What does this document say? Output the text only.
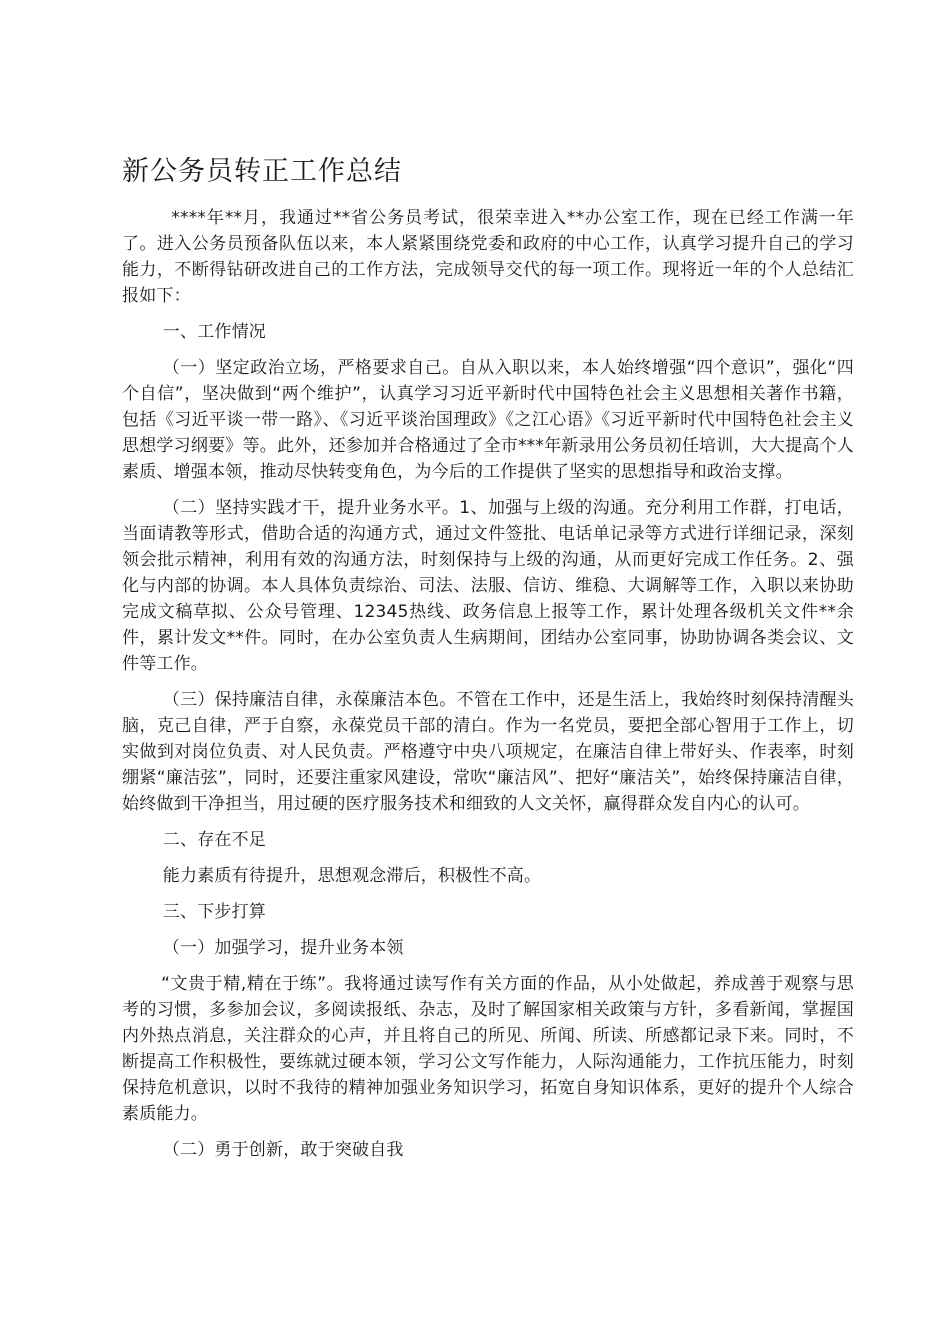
新公务员转正工作总结

****年**月，我通过**省公务员考试，很荣幸进入**办公室工作，现在已经工作满一年了。进入公务员预备队伍以来，本人紧紧围绕党委和政府的中心工作，认真学习提升自己的学习能力，不断得钻研改进自己的工作方法，完成领导交代的每一项工作。现将近一年的个人总结汇报如下：

一、工作情况

（一）坚定政治立场，严格要求自己。自从入职以来，本人始终增强“四个意识”，强化“四个自信”，坚决做到“两个维护”，认真学习习近平新时代中国特色社会主义思想相关著作书籍，包括《习近平谈一带一路》、《习近平谈治国理政》《之江心语》《习近平新时代中国特色社会主义思想学习纲要》等。此外，还参加并合格通过了全市***年新录用公务员初任培训，大大提高个人素质、增强本领，推动尽快转变角色，为今后的工作提供了坚实的思想指导和政治支撑。

（二）坚持实践才干，提升业务水平。1、加强与上级的沟通。充分利用工作群，打电话，当面请教等形式，借助合适的沟通方式，通过文件签批、电话单记录等方式进行详细记录，深刻领会批示精神，利用有效的沟通方法，时刻保持与上级的沟通，从而更好完成工作任务。2、强化与内部的协调。本人具体负责综治、司法、法服、信访、维稳、大调解等工作，入职以来协助完成文稿草拟、公众号管理、12345热线、政务信息上报等工作，累计处理各级机关文件**余件，累计发文**件。同时，在办公室负责人生病期间，团结办公室同事，协助协调各类会议、文件等工作。

（三）保持廉洁自律，永葆廉洁本色。不管在工作中，还是生活上，我始终时刻保持清醒头脑，克己自律，严于自察，永葆党员干部的清白。作为一名党员，要把全部心智用于工作上，切实做到对岗位负责、对人民负责。严格遵守中央八项规定，在廉洁自律上带好头、作表率，时刻绷紧“廉洁弦”，同时，还要注重家风建设，常吹“廉洁风”、把好“廉洁关”，始终保持廉洁自律，始终做到干净担当，用过硬的医疗服务技术和细致的人文关怀，赢得群众发自内心的认可。

二、存在不足

能力素质有待提升，思想观念滞后，积极性不高。

三、下步打算

（一）加强学习，提升业务本领

“文贵于精,精在于练”。我将通过读写作有关方面的作品，从小处做起，养成善于观察与思考的习惯，多参加会议，多阅读报纸、杂志，及时了解国家相关政策与方针，多看新闻，掌握国内外热点消息，关注群众的心声，并且将自己的所见、所闻、所读、所感都记录下来。同时，不断提高工作积极性，要练就过硬本领，学习公文写作能力，人际沟通能力，工作抗压能力，时刻保持危机意识，以时不我待的精神加强业务知识学习，拓宽自身知识体系，更好的提升个人综合素质能力。

（二）勇于创新，敢于突破自我
